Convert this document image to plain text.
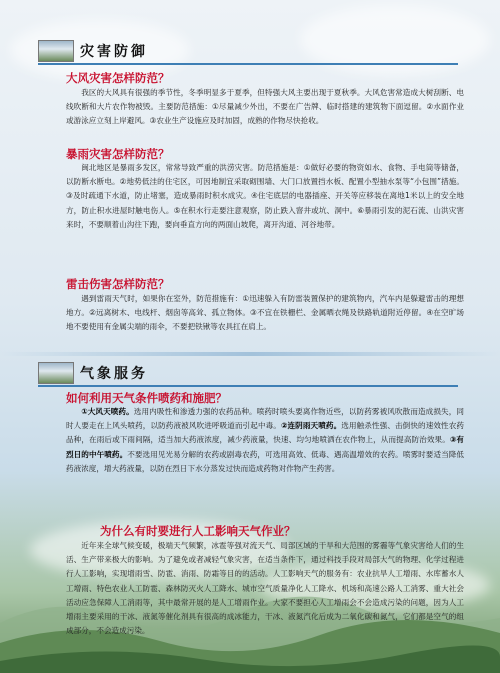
灾害防御
大风灾害怎样防范？

我区的大风具有很强的季节性，冬季明显多于夏季，但特强大风主要出现于夏秋季。大风危害常造成大树刮断、电线吹断和大片农作物被毁。主要防范措施：①尽量减少外出，不要在广告牌、临时搭建的建筑物下面逗留。②水面作业或游泳应立刻上岸避风。③农业生产设施应及时加固，成熟的作物尽快抢收。

暴雨灾害怎样防范？

闽北地区是暴雨多发区，常常导致严重的洪涝灾害。防范措施是：①做好必要的物资如水、食物、手电筒等储备，以防断水断电。②地势低洼的住宅区，可因地制宜采取砌围墙、大门口放置挡水板、配置小型抽水泵等“小包围”措施。③及时疏通下水道，防止堵塞，造成暴雨时积水成灾。④住宅底层的电器插座、开关等应移装在离地1米以上的安全地方，防止积水进屋时触电伤人。⑤在积水行走要注意观察，防止跌入窨井或坑、洞中。⑥暴雨引发的泥石流、山洪灾害来时，不要顺着山沟往下跑，要向垂直方向的两面山坡爬，离开沟道、河谷地带。

雷击伤害怎样防范？

遇到雷雨天气时，如果你在室外，防范措施有：①迅速躲入有防雷装置保护的建筑物内，汽车内是躲避雷击的理想地方。②远离树木、电线杆、烟囱等高耸、孤立物体。③不宜在铁栅栏、金属晒衣绳及铁路轨道附近停留。④在空旷场地不要使用有金属尖端的雨伞，不要把铁锹等农具扛在肩上。

气象服务
如何利用天气条件喷药和施肥？

①大风天喷药。选用内吸性和渗透力强的农药品种。喷药时喷头要离作物近些，以防药雾被风吹散而造成损失，同时人要走在上风头喷药，以防药液被风吹进呼吸道而引起中毒。②连阴雨天喷药。选用触杀性强、击倒快的速效性农药品种，在雨后或下雨间隔，适当加大药液浓度，减少药液量，快速、均匀地喷洒在农作物上，从而提高防治效果。③有烈日的中午喷药。不要选用见光易分解的农药或剧毒农药，可选用高效、低毒、遇高温增效的农药。喷雾时要适当降低药液浓度，增大药液量，以防在烈日下水分蒸发过快而造成药物对作物产生药害。

为什么有时要进行人工影响天气作业？

近年来全球气候变暖，极端天气频繁，冰雹等强对流天气、局部区域的干旱和大范围的雾霾等气象灾害给人们的生活、生产带来极大的影响。为了避免或者减轻气象灾害，在适当条件下，通过科技手段对局部大气的物理、化学过程进行人工影响，实现增雨雪、防雹、消雨、防霜等目的的活动。人工影响天气的服务有：农业抗旱人工增雨、水库蓄水人工增雨、特色农业人工防雹、森林防灭火人工降水、城市空气质量净化人工降水、机场和高速公路人工消雾、重大社会活动应急保障人工消雨等，其中最常开展的是人工增雨作业。大家不要担心人工增雨会不会造成污染的问题，因为人工增雨主要采用的干冰、液氮等催化剂具有很高的成冰能力，干冰、液氮汽化后成为二氧化碳和氮气，它们都是空气的组成部分，不会造成污染。
